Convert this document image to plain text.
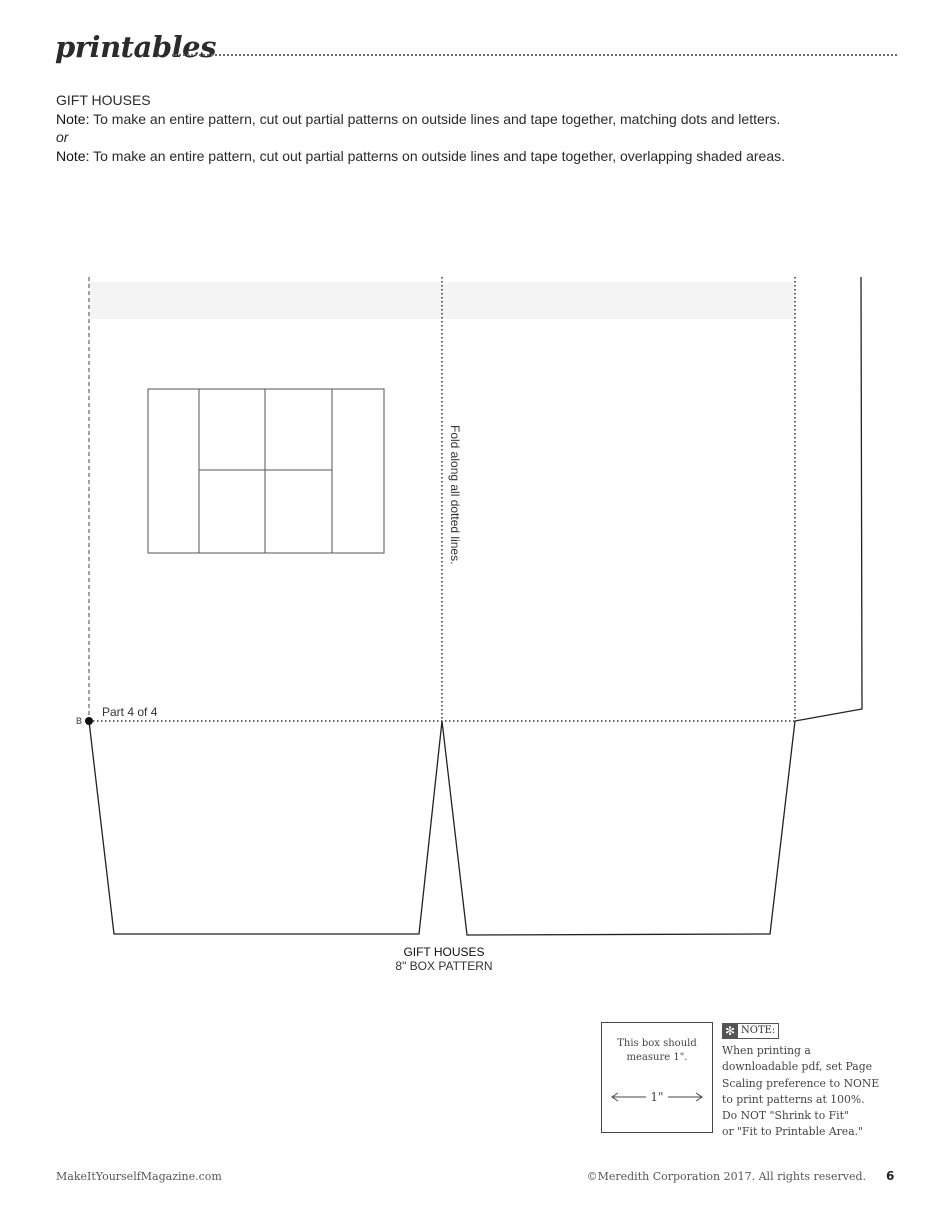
printables
GIFT HOUSES
Note: To make an entire pattern, cut out partial patterns on outside lines and tape together, matching dots and letters.
or
Note: To make an entire pattern, cut out partial patterns on outside lines and tape together, overlapping shaded areas.
B
Part 4 of 4
Fold along all dotted lines.
GIFT HOUSES
8" BOX PATTERN
This box should measure 1".
1"
✻ NOTE:
When printing a
downloadable pdf, set Page
Scaling preference to NONE
to print patterns at 100%.
Do NOT "Shrink to Fit"
or "Fit to Printable Area."
MakeItYourselfMagazine.com	©Meredith Corporation 2017. All rights reserved. 6
